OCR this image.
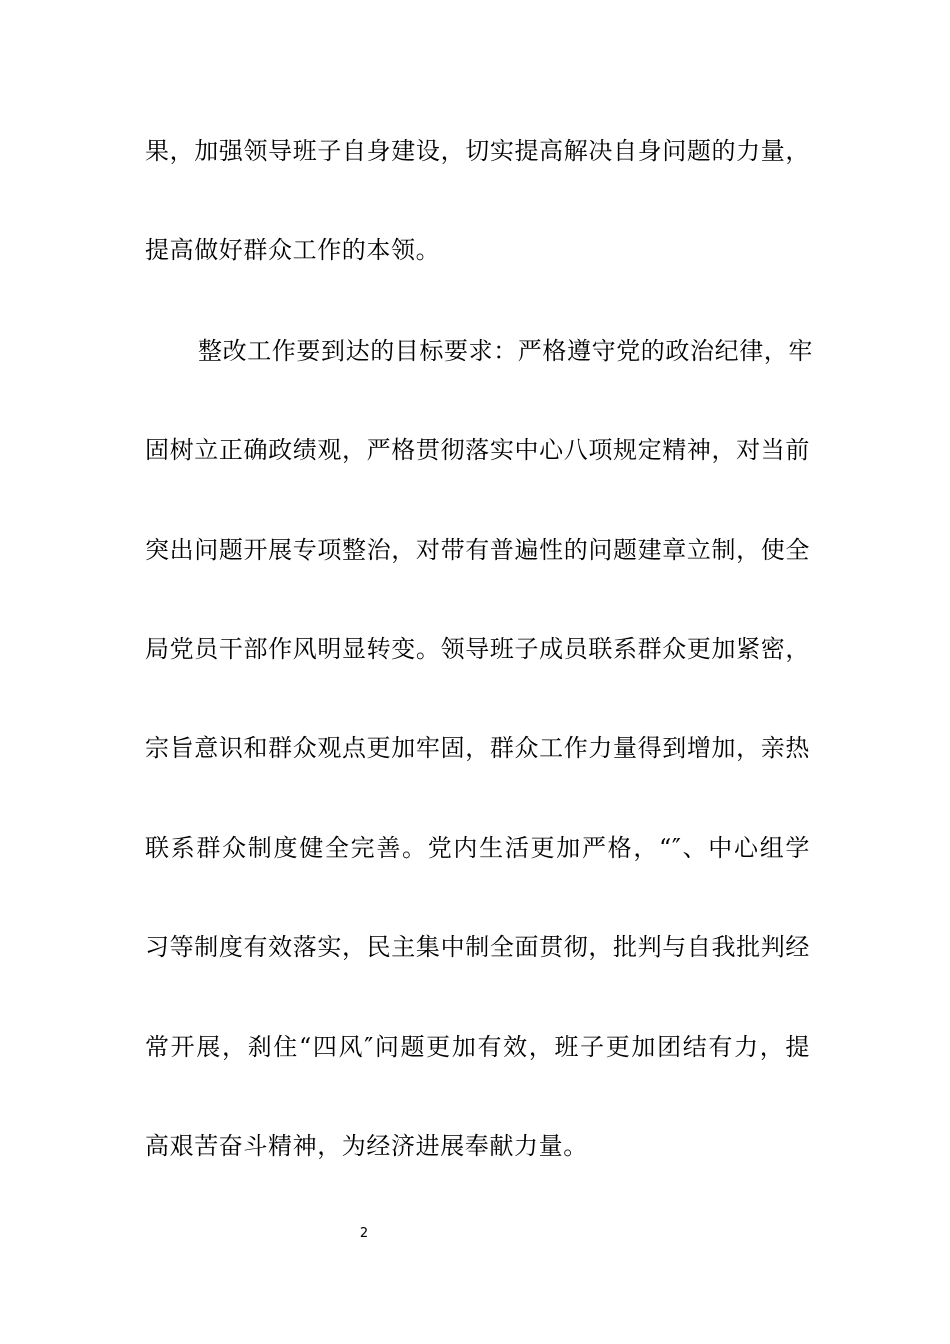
果，加强领导班子自身建设，切实提高解决自身问题的力量，
提高做好群众工作的本领。
整改工作要到达的目标要求：严格遵守党的政治纪律，牢
固树立正确政绩观，严格贯彻落实中心八项规定精神，对当前
突出问题开展专项整治，对带有普遍性的问题建章立制，使全
局党员干部作风明显转变。领导班子成员联系群众更加紧密，
宗旨意识和群众观点更加牢固，群众工作力量得到增加，亲热
联系群众制度健全完善。党内生活更加严格，“″、中心组学
习等制度有效落实，民主集中制全面贯彻，批判与自我批判经
常开展，刹住“四风″问题更加有效，班子更加团结有力，提
高艰苦奋斗精神，为经济进展奉献力量。
2
